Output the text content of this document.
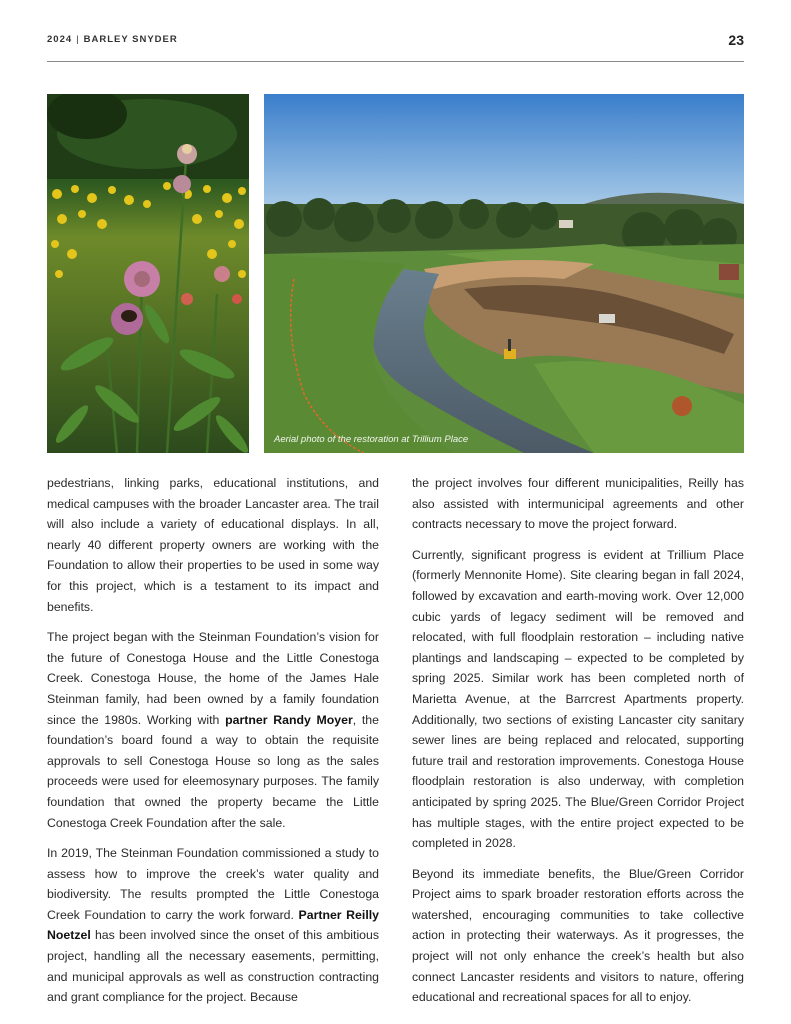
2024 | BARLEY SNYDER	23
Aerial photo of the restoration at Trillium Place

pedestrians, linking parks, educational institutions, and medical campuses with the broader Lancaster area. The trail will also include a variety of educational displays. In all, nearly 40 different property owners are working with the Foundation to allow their properties to be used in some way for this project, which is a testament to its impact and benefits.

The project began with the Steinman Foundation’s vision for the future of Conestoga House and the Little Conestoga Creek. Conestoga House, the home of the James Hale Steinman family, had been owned by a family foundation since the 1980s. Working with partner Randy Moyer, the foundation’s board found a way to obtain the requisite approvals to sell Conestoga House so long as the sales proceeds were used for eleemosynary purposes. The family foundation that owned the property became the Little Conestoga Creek Foundation after the sale.

In 2019, The Steinman Foundation commissioned a study to assess how to improve the creek’s water quality and biodiversity. The results prompted the Little Conestoga Creek Foundation to carry the work forward. Partner Reilly Noetzel has been involved since the onset of this ambitious project, handling all the necessary easements, permitting, and municipal approvals as well as construction contracting and grant compliance for the project. Because

the project involves four different municipalities, Reilly has also assisted with intermunicipal agreements and other contracts necessary to move the project forward.

Currently, significant progress is evident at Trillium Place (formerly Mennonite Home). Site clearing began in fall 2024, followed by excavation and earth-moving work. Over 12,000 cubic yards of legacy sediment will be removed and relocated, with full floodplain restoration – including native plantings and landscaping – expected to be completed by spring 2025. Similar work has been completed north of Marietta Avenue, at the Barrcrest Apartments property. Additionally, two sections of existing Lancaster city sanitary sewer lines are being replaced and relocated, supporting future trail and restoration improvements. Conestoga House floodplain restoration is also underway, with completion anticipated by spring 2025. The Blue/Green Corridor Project has multiple stages, with the entire project expected to be completed in 2028.

Beyond its immediate benefits, the Blue/Green Corridor Project aims to spark broader restoration efforts across the watershed, encouraging communities to take collective action in protecting their waterways. As it progresses, the project will not only enhance the creek’s health but also connect Lancaster residents and visitors to nature, offering educational and recreational spaces for all to enjoy.
